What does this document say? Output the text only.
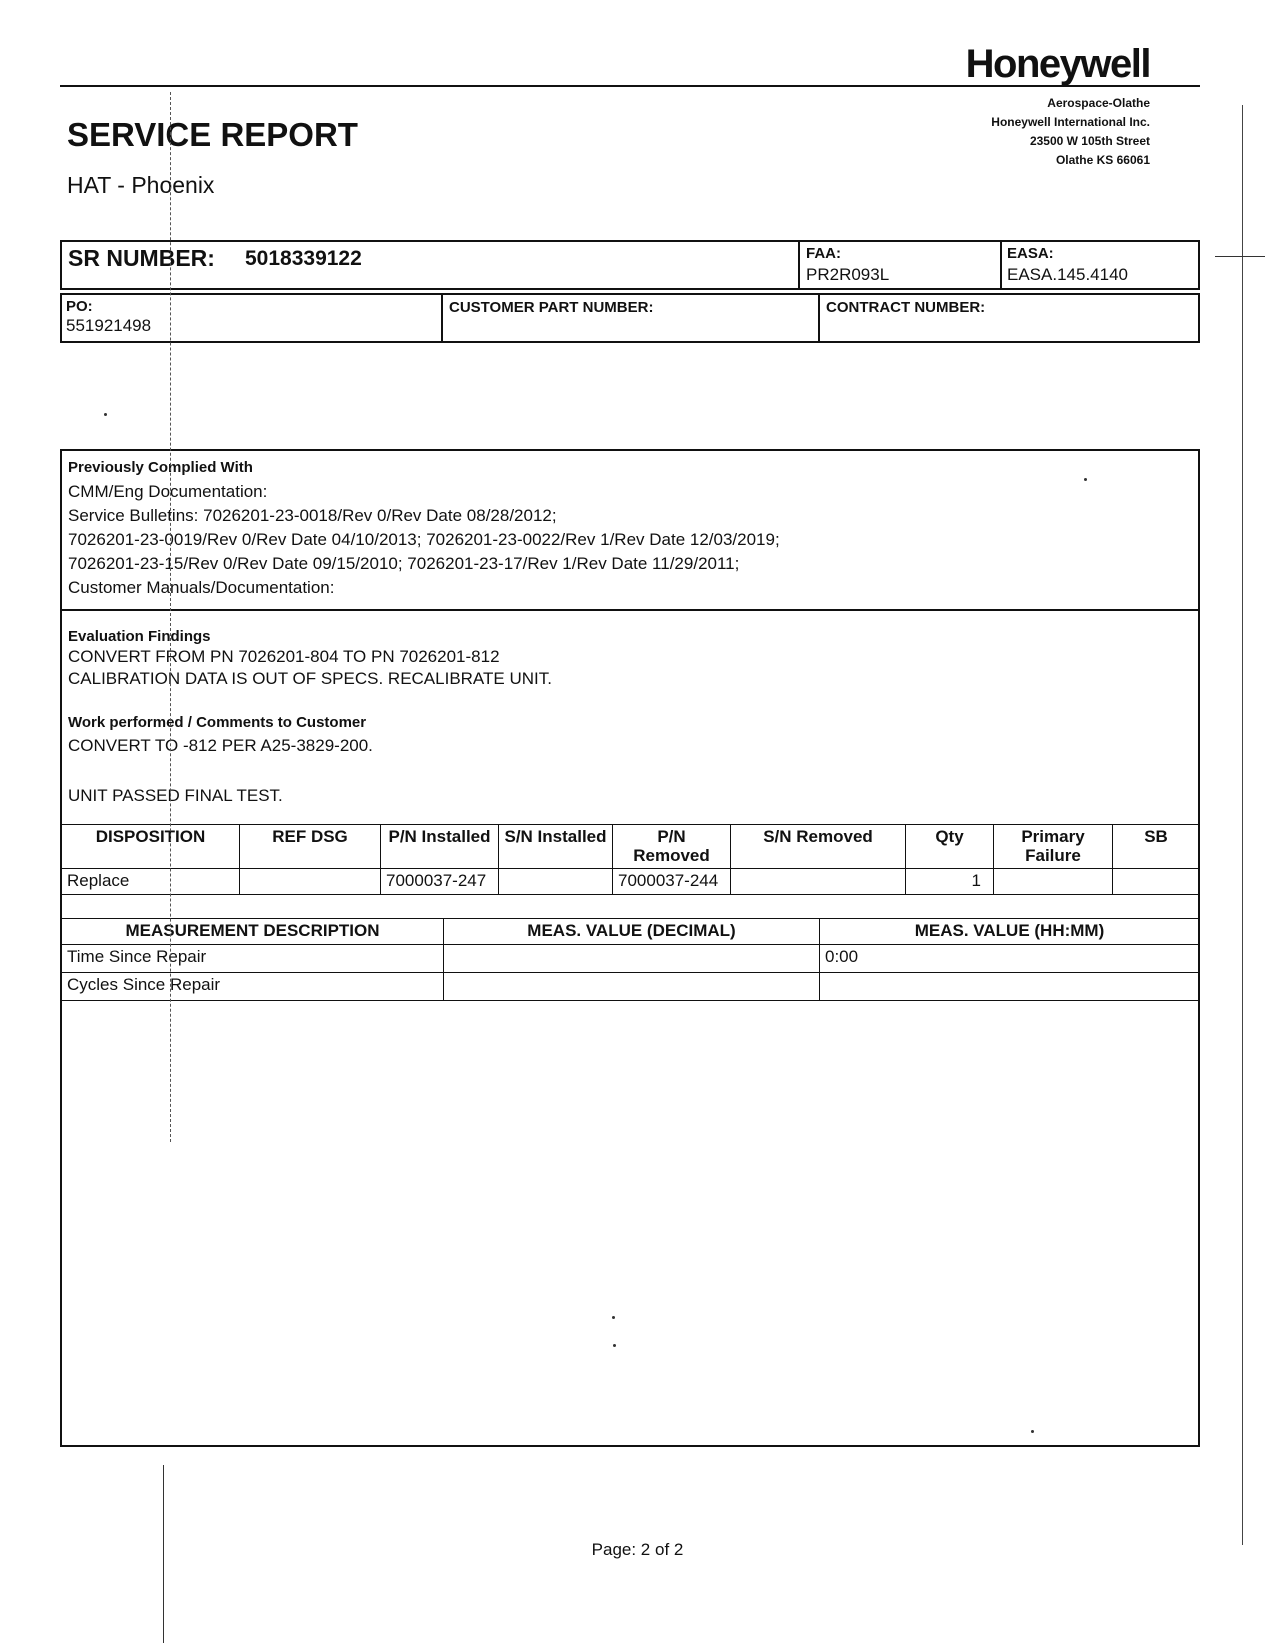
Honeywell
Aerospace-Olathe
Honeywell International Inc.
23500 W 105th Street
Olathe KS 66061
SERVICE REPORT
HAT - Phoenix
SR NUMBER: 5018339122	FAA:
PR2R093L
EASA:
EASA.145.4140
PO:
551921498
CUSTOMER PART NUMBER:	CONTRACT NUMBER:
Previously Complied With
CMM/Eng Documentation:
Service Bulletins: 7026201-23-0018/Rev 0/Rev Date 08/28/2012;
7026201-23-0019/Rev 0/Rev Date 04/10/2013; 7026201-23-0022/Rev 1/Rev Date 12/03/2019;
7026201-23-15/Rev 0/Rev Date 09/15/2010; 7026201-23-17/Rev 1/Rev Date 11/29/2011;
Customer Manuals/Documentation:
Evaluation Findings
CONVERT FROM PN 7026201-804 TO PN 7026201-812
CALIBRATION DATA IS OUT OF SPECS. RECALIBRATE UNIT.
Work performed / Comments to Customer
CONVERT TO -812 PER A25-3829-200.
UNIT PASSED FINAL TEST.
DISPOSITION	REF DSG	P/N Installed	S/N Installed	P/N Removed	S/N Removed	Qty	Primary Failure	SB
Replace		7000037-247		7000037-244		1		
MEASUREMENT DESCRIPTION	MEAS. VALUE (DECIMAL)	MEAS. VALUE (HH:MM)
Time Since Repair		0:00
Cycles Since Repair		
Page: 2 of 2
